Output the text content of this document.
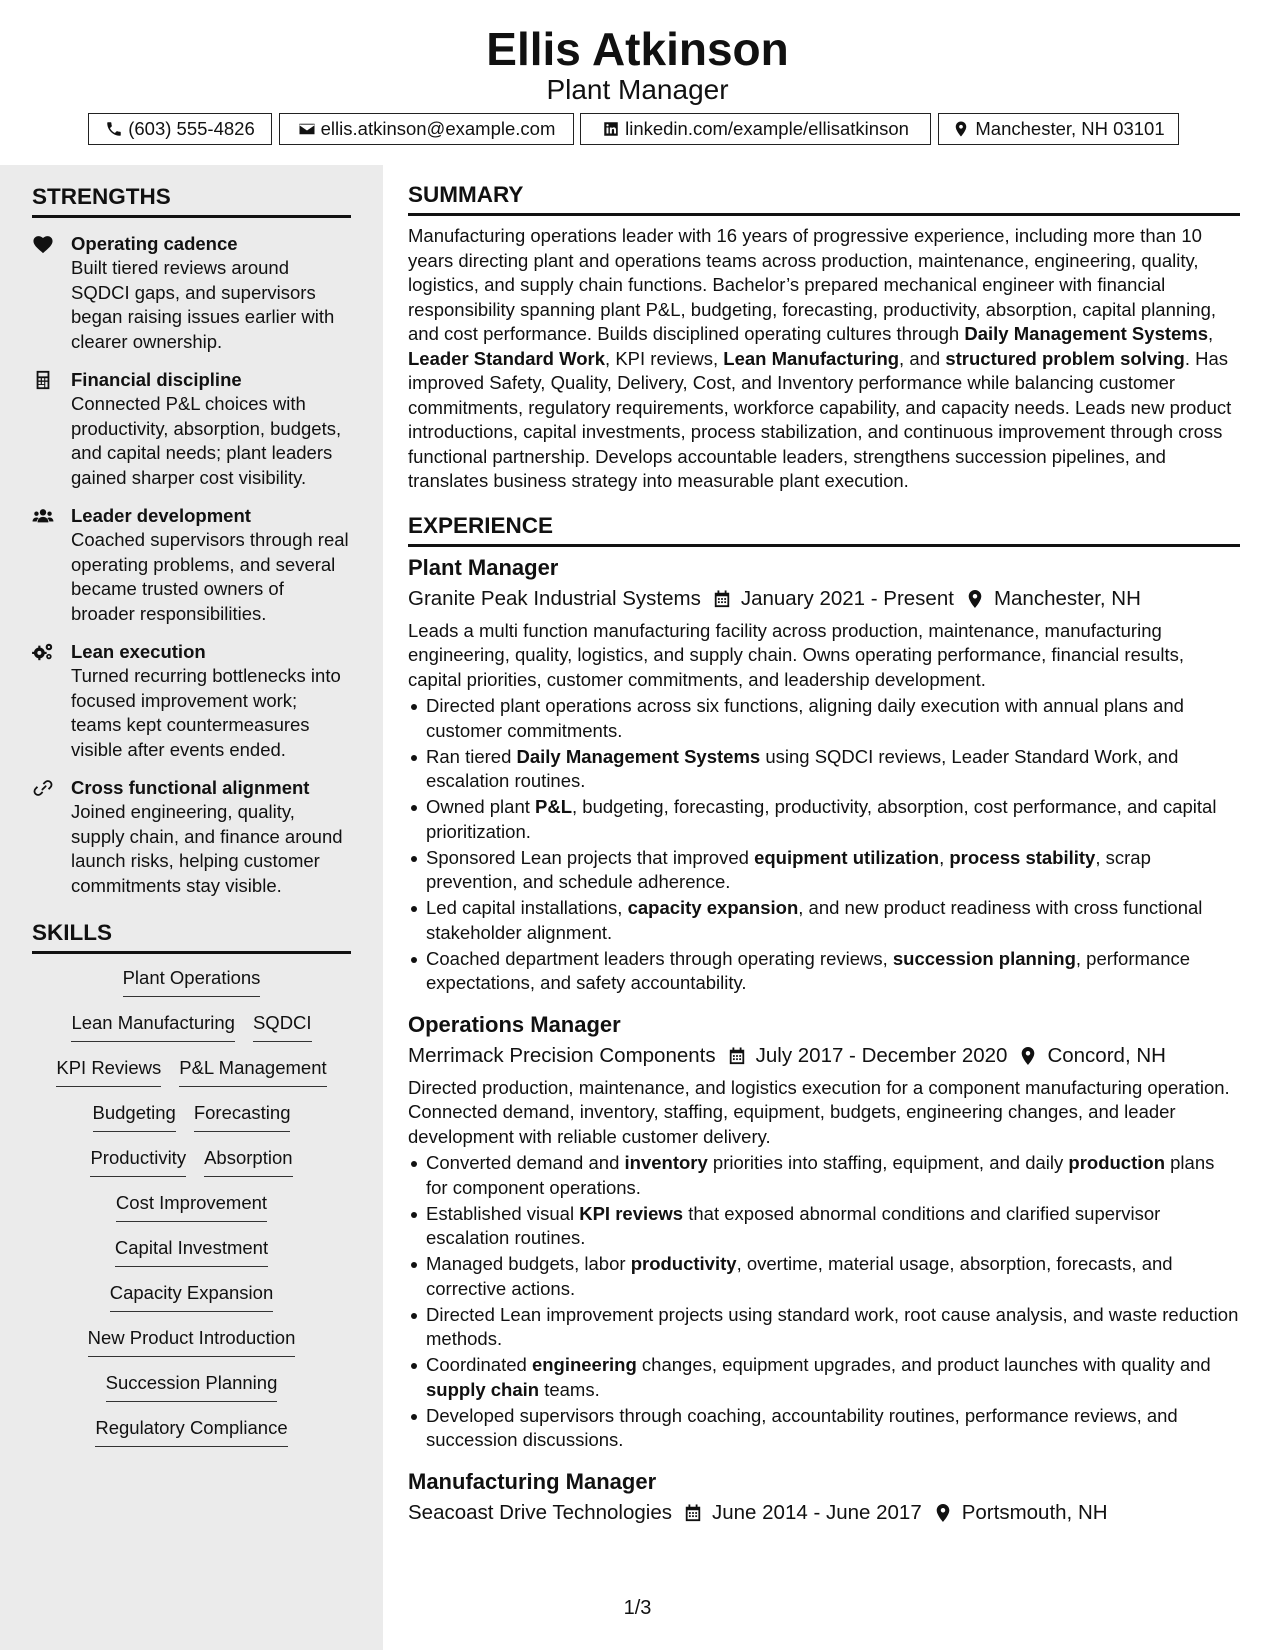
Ellis Atkinson
Plant Manager
(603) 555-4826	ellis.atkinson@example.com	linkedin.com/example/ellisatkinson	Manchester, NH 03101
STRENGTHS
Operating cadence
Built tiered reviews around SQDCI gaps, and supervisors began raising issues earlier with clearer ownership.
Financial discipline
Connected P&L choices with productivity, absorption, budgets, and capital needs; plant leaders gained sharper cost visibility.
Leader development
Coached supervisors through real operating problems, and several became trusted owners of broader responsibilities.
Lean execution
Turned recurring bottlenecks into focused improvement work; teams kept countermeasures visible after events ended.
Cross functional alignment
Joined engineering, quality, supply chain, and finance around launch risks, helping customer commitments stay visible.
SKILLS
Plant Operations
Lean Manufacturing SQDCI
KPI Reviews P&L Management
Budgeting Forecasting
Productivity Absorption
Cost Improvement
Capital Investment
Capacity Expansion
New Product Introduction
Succession Planning
Regulatory Compliance
SUMMARY
Manufacturing operations leader with 16 years of progressive experience, including more than 10 years directing plant and operations teams across production, maintenance, engineering, quality, logistics, and supply chain functions. Bachelor’s prepared mechanical engineer with financial responsibility spanning plant P&L, budgeting, forecasting, productivity, absorption, capital planning, and cost performance. Builds disciplined operating cultures through Daily Management Systems, Leader Standard Work, KPI reviews, Lean Manufacturing, and structured problem solving. Has improved Safety, Quality, Delivery, Cost, and Inventory performance while balancing customer commitments, regulatory requirements, workforce capability, and capacity needs. Leads new product introductions, capital investments, process stabilization, and continuous improvement through cross functional partnership. Develops accountable leaders, strengthens succession pipelines, and translates business strategy into measurable plant execution.
EXPERIENCE
Plant Manager
Granite Peak Industrial Systems January 2021 - Present Manchester, NH
Leads a multi function manufacturing facility across production, maintenance, manufacturing engineering, quality, logistics, and supply chain. Owns operating performance, financial results, capital priorities, customer commitments, and leadership development.
Directed plant operations across six functions, aligning daily execution with annual plans and customer commitments.
Ran tiered Daily Management Systems using SQDCI reviews, Leader Standard Work, and escalation routines.
Owned plant P&L, budgeting, forecasting, productivity, absorption, cost performance, and capital prioritization.
Sponsored Lean projects that improved equipment utilization, process stability, scrap prevention, and schedule adherence.
Led capital installations, capacity expansion, and new product readiness with cross functional stakeholder alignment.
Coached department leaders through operating reviews, succession planning, performance expectations, and safety accountability.
Operations Manager
Merrimack Precision Components July 2017 - December 2020 Concord, NH
Directed production, maintenance, and logistics execution for a component manufacturing operation. Connected demand, inventory, staffing, equipment, budgets, engineering changes, and leader development with reliable customer delivery.
Converted demand and inventory priorities into staffing, equipment, and daily production plans for component operations.
Established visual KPI reviews that exposed abnormal conditions and clarified supervisor escalation routines.
Managed budgets, labor productivity, overtime, material usage, absorption, forecasts, and corrective actions.
Directed Lean improvement projects using standard work, root cause analysis, and waste reduction methods.
Coordinated engineering changes, equipment upgrades, and product launches with quality and supply chain teams.
Developed supervisors through coaching, accountability routines, performance reviews, and succession discussions.
Manufacturing Manager
Seacoast Drive Technologies June 2014 - June 2017 Portsmouth, NH
1/3
